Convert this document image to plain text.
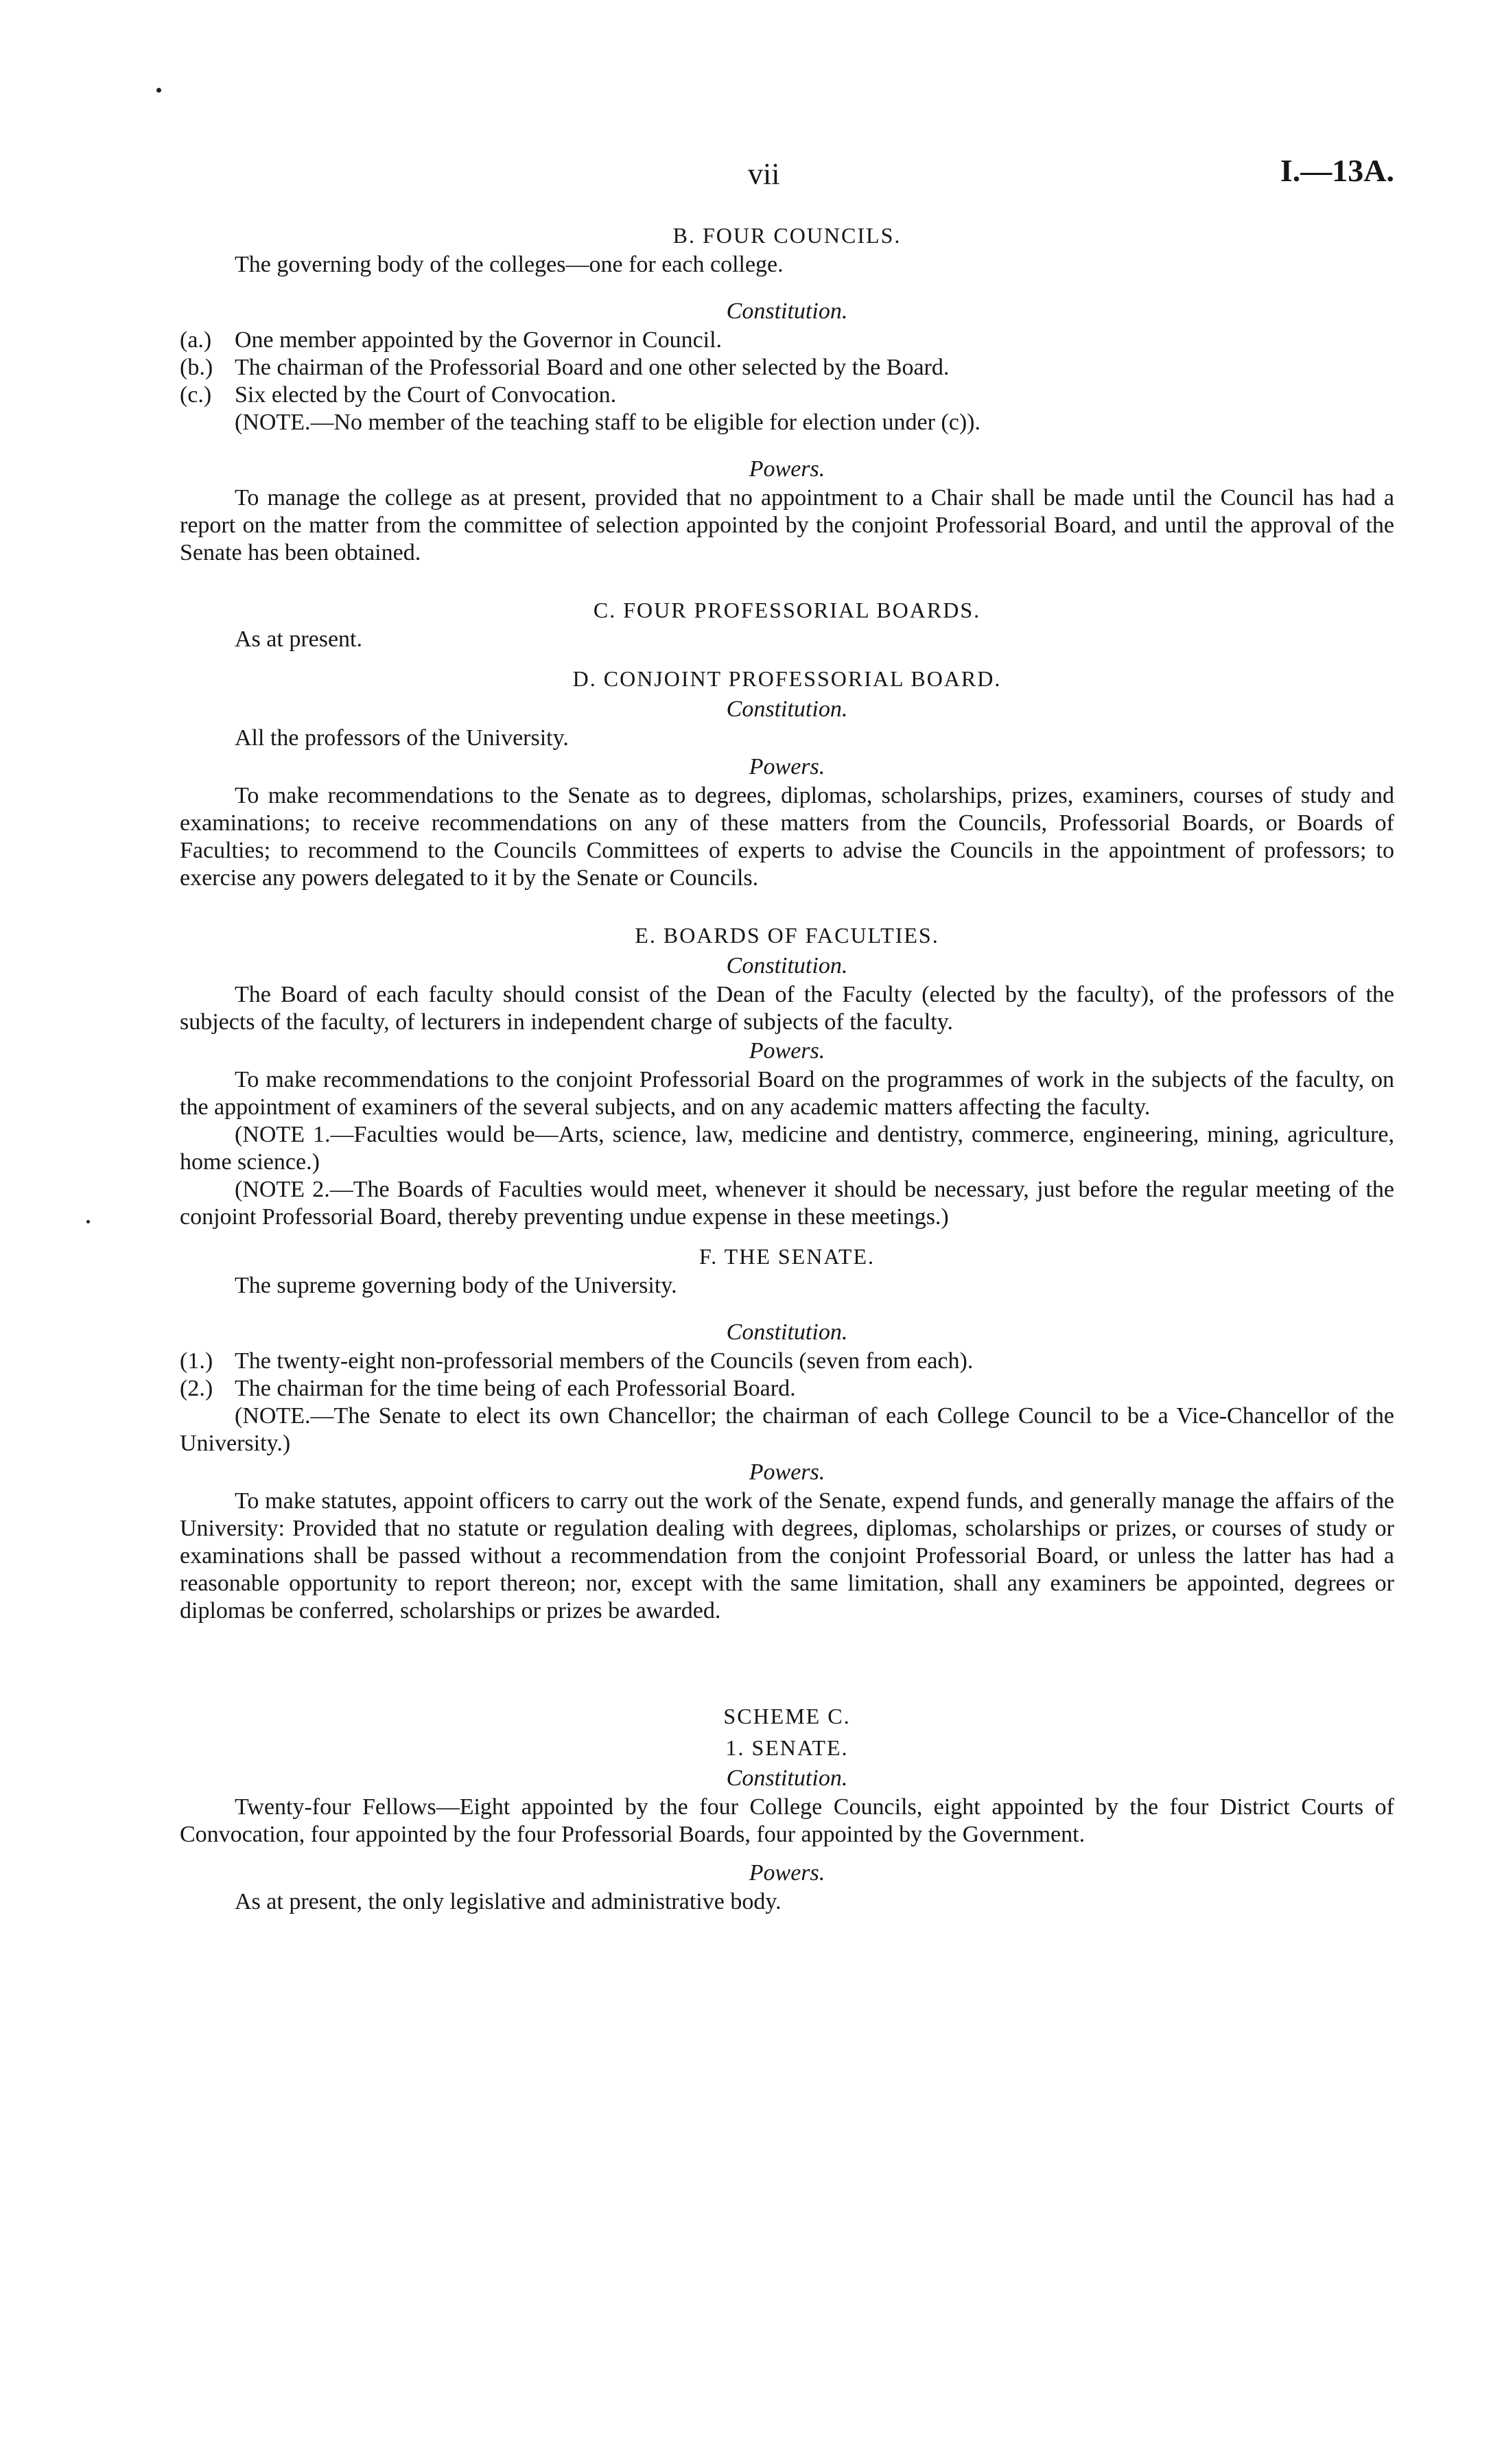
vii	I.—13A.
B. FOUR COUNCILS.

The governing body of the colleges—one for each college.

Constitution.
(a.) One member appointed by the Governor in Council.
(b.) The chairman of the Professorial Board and one other selected by the Board.
(c.) Six elected by the Court of Convocation.

(NOTE.—No member of the teaching staff to be eligible for election under (c)).

Powers.

To manage the college as at present, provided that no appointment to a Chair shall be made until the Council has had a report on the matter from the committee of selection appointed by the conjoint Professorial Board, and until the approval of the Senate has been obtained.

C. FOUR PROFESSORIAL BOARDS.

As at present.

D. CONJOINT PROFESSORIAL BOARD.
Constitution.

All the professors of the University.

Powers.

To make recommendations to the Senate as to degrees, diplomas, scholarships, prizes, examiners, courses of study and examinations; to receive recommendations on any of these matters from the Councils, Professorial Boards, or Boards of Faculties; to recommend to the Councils Committees of experts to advise the Councils in the appointment of professors; to exercise any powers delegated to it by the Senate or Councils.

E. BOARDS OF FACULTIES.
Constitution.

The Board of each faculty should consist of the Dean of the Faculty (elected by the faculty), of the professors of the subjects of the faculty, of lecturers in independent charge of subjects of the faculty.

Powers.

To make recommendations to the conjoint Professorial Board on the programmes of work in the subjects of the faculty, on the appointment of examiners of the several subjects, and on any academic matters affecting the faculty.

(NOTE 1.—Faculties would be—Arts, science, law, medicine and dentistry, commerce, engineering, mining, agriculture, home science.)

(NOTE 2.—The Boards of Faculties would meet, whenever it should be necessary, just before the regular meeting of the conjoint Professorial Board, thereby preventing undue expense in these meetings.)

F. THE SENATE.

The supreme governing body of the University.

Constitution.
(1.) The twenty-eight non-professorial members of the Councils (seven from each).
(2.) The chairman for the time being of each Professorial Board.

(NOTE.—The Senate to elect its own Chancellor; the chairman of each College Council to be a Vice-Chancellor of the University.)

Powers.

To make statutes, appoint officers to carry out the work of the Senate, expend funds, and generally manage the affairs of the University: Provided that no statute or regulation dealing with degrees, diplomas, scholarships or prizes, or courses of study or examinations shall be passed without a recommendation from the conjoint Professorial Board, or unless the latter has had a reasonable opportunity to report thereon; nor, except with the same limitation, shall any examiners be appointed, degrees or diplomas be conferred, scholarships or prizes be awarded.

SCHEME C.
1. SENATE.
Constitution.

Twenty-four Fellows—Eight appointed by the four College Councils, eight appointed by the four District Courts of Convocation, four appointed by the four Professorial Boards, four appointed by the Government.

Powers.

As at present, the only legislative and administrative body.
